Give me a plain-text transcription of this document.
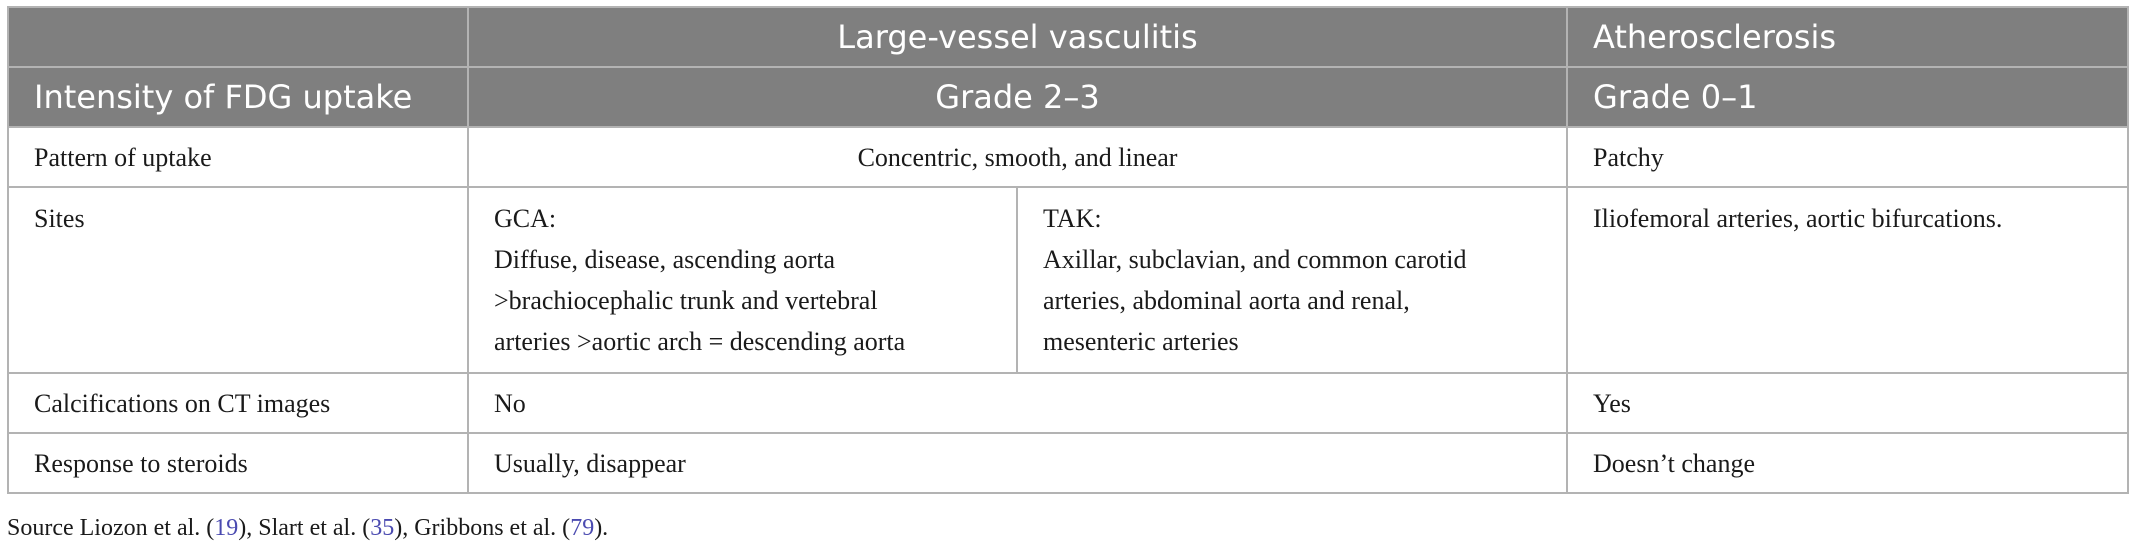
	Large-vessel vasculitis		Atherosclerosis
Intensity of FDG uptake	Grade 2–3		Grade 0–1
Pattern of uptake	Concentric, smooth, and linear		Patchy
Sites	GCA:
Diffuse, disease, ascending aorta
>brachiocephalic trunk and vertebral
arteries >aortic arch = descending aorta	TAK:
Axillar, subclavian, and common carotid
arteries, abdominal aorta and renal,
mesenteric arteries	Iliofemoral arteries, aortic bifurcations.
Calcifications on CT images	No		Yes
Response to steroids	Usually, disappear		Doesn’t change
Source Liozon et al. (19), Slart et al. (35), Gribbons et al. (79).
